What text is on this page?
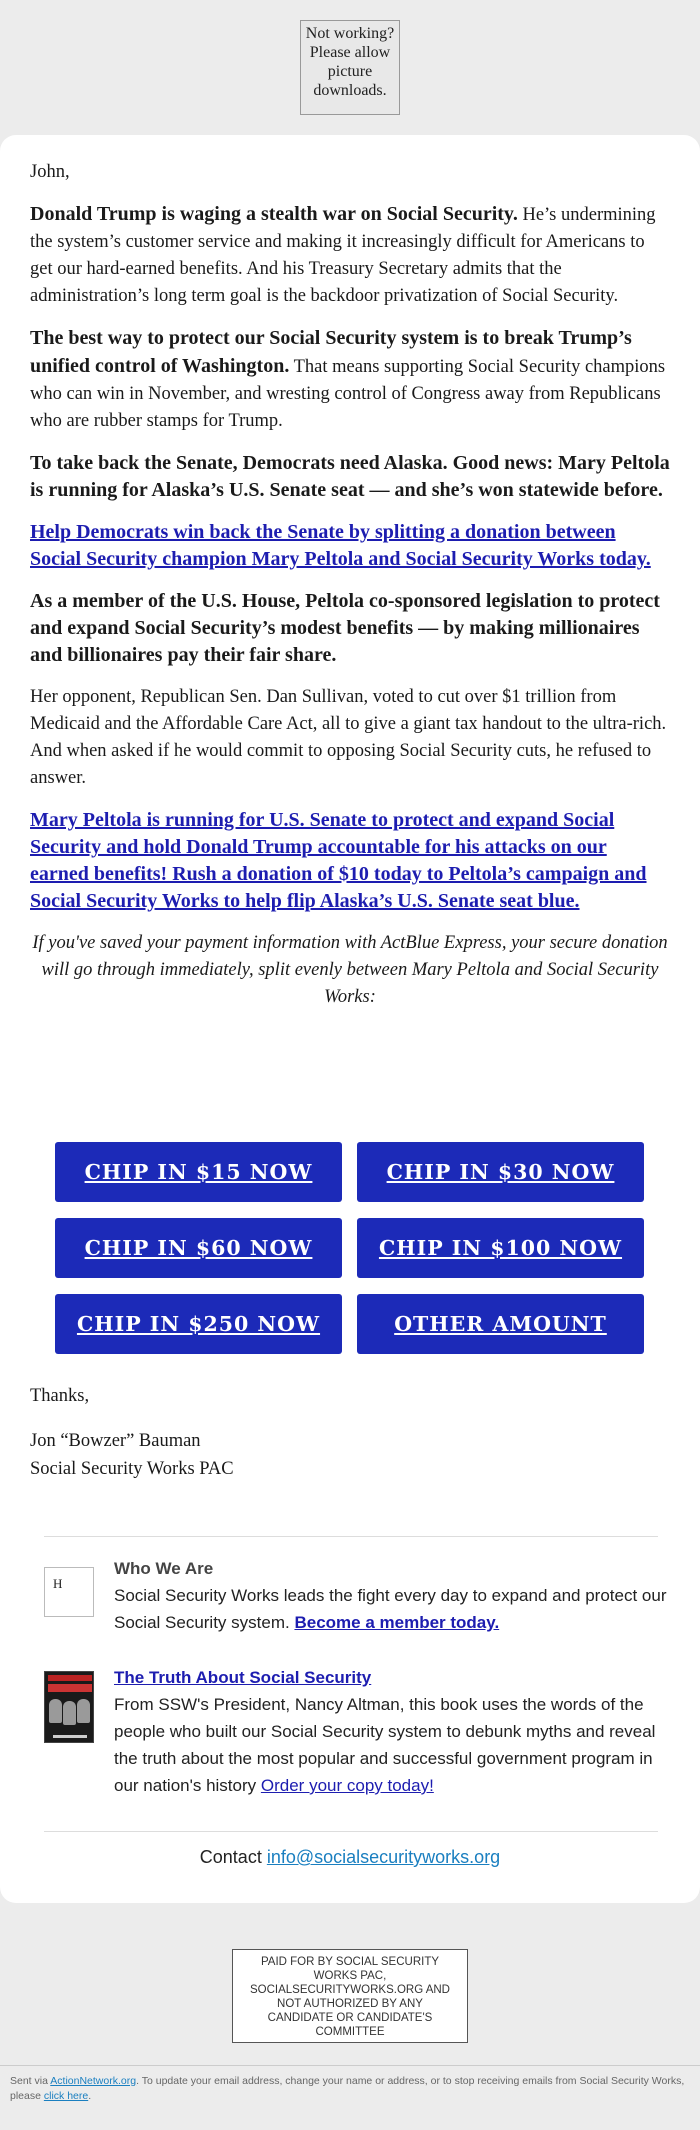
Not working? Please allow picture downloads.

John,

Donald Trump is waging a stealth war on Social Security. He’s undermining the system’s customer service and making it increasingly difficult for Americans to get our hard-earned benefits. And his Treasury Secretary admits that the administration’s long term goal is the backdoor privatization of Social Security.

The best way to protect our Social Security system is to break Trump’s unified control of Washington. That means supporting Social Security champions who can win in November, and wresting control of Congress away from Republicans who are rubber stamps for Trump.

To take back the Senate, Democrats need Alaska. Good news: Mary Peltola is running for Alaska’s U.S. Senate seat — and she’s won statewide before.

Help Democrats win back the Senate by splitting a donation between Social Security champion Mary Peltola and Social Security Works today.

As a member of the U.S. House, Peltola co-sponsored legislation to protect and expand Social Security’s modest benefits — by making millionaires and billionaires pay their fair share.

Her opponent, Republican Sen. Dan Sullivan, voted to cut over $1 trillion from Medicaid and the Affordable Care Act, all to give a giant tax handout to the ultra-rich. And when asked if he would commit to opposing Social Security cuts, he refused to answer.

Mary Peltola is running for U.S. Senate to protect and expand Social Security and hold Donald Trump accountable for his attacks on our earned benefits! Rush a donation of $10 today to Peltola’s campaign and Social Security Works to help flip Alaska’s U.S. Senate seat blue.

If you've saved your payment information with ActBlue Express, your secure donation will go through immediately, split evenly between Mary Peltola and Social Security Works:

CHIP IN $15 NOW	CHIP IN $30 NOW
CHIP IN $60 NOW	CHIP IN $100 NOW
CHIP IN $250 NOW	OTHER AMOUNT
Thanks,
Jon “Bowzer” Bauman
Social Security Works PAC
H
Who We Are
Social Security Works leads the fight every day to expand and protect our Social Security system. Become a member today.
The Truth About Social Security
From SSW's President, Nancy Altman, this book uses the words of the people who built our Social Security system to debunk myths and reveal the truth about the most popular and successful government program in our nation's history Order your copy today!
Contact info@socialsecurityworks.org
PAID FOR BY SOCIAL SECURITY WORKS PAC, SOCIALSECURITYWORKS.ORG AND NOT AUTHORIZED BY ANY CANDIDATE OR CANDIDATE'S COMMITTEE
Sent via ActionNetwork.org. To update your email address, change your name or address, or to stop receiving emails from Social Security Works, please click here.
